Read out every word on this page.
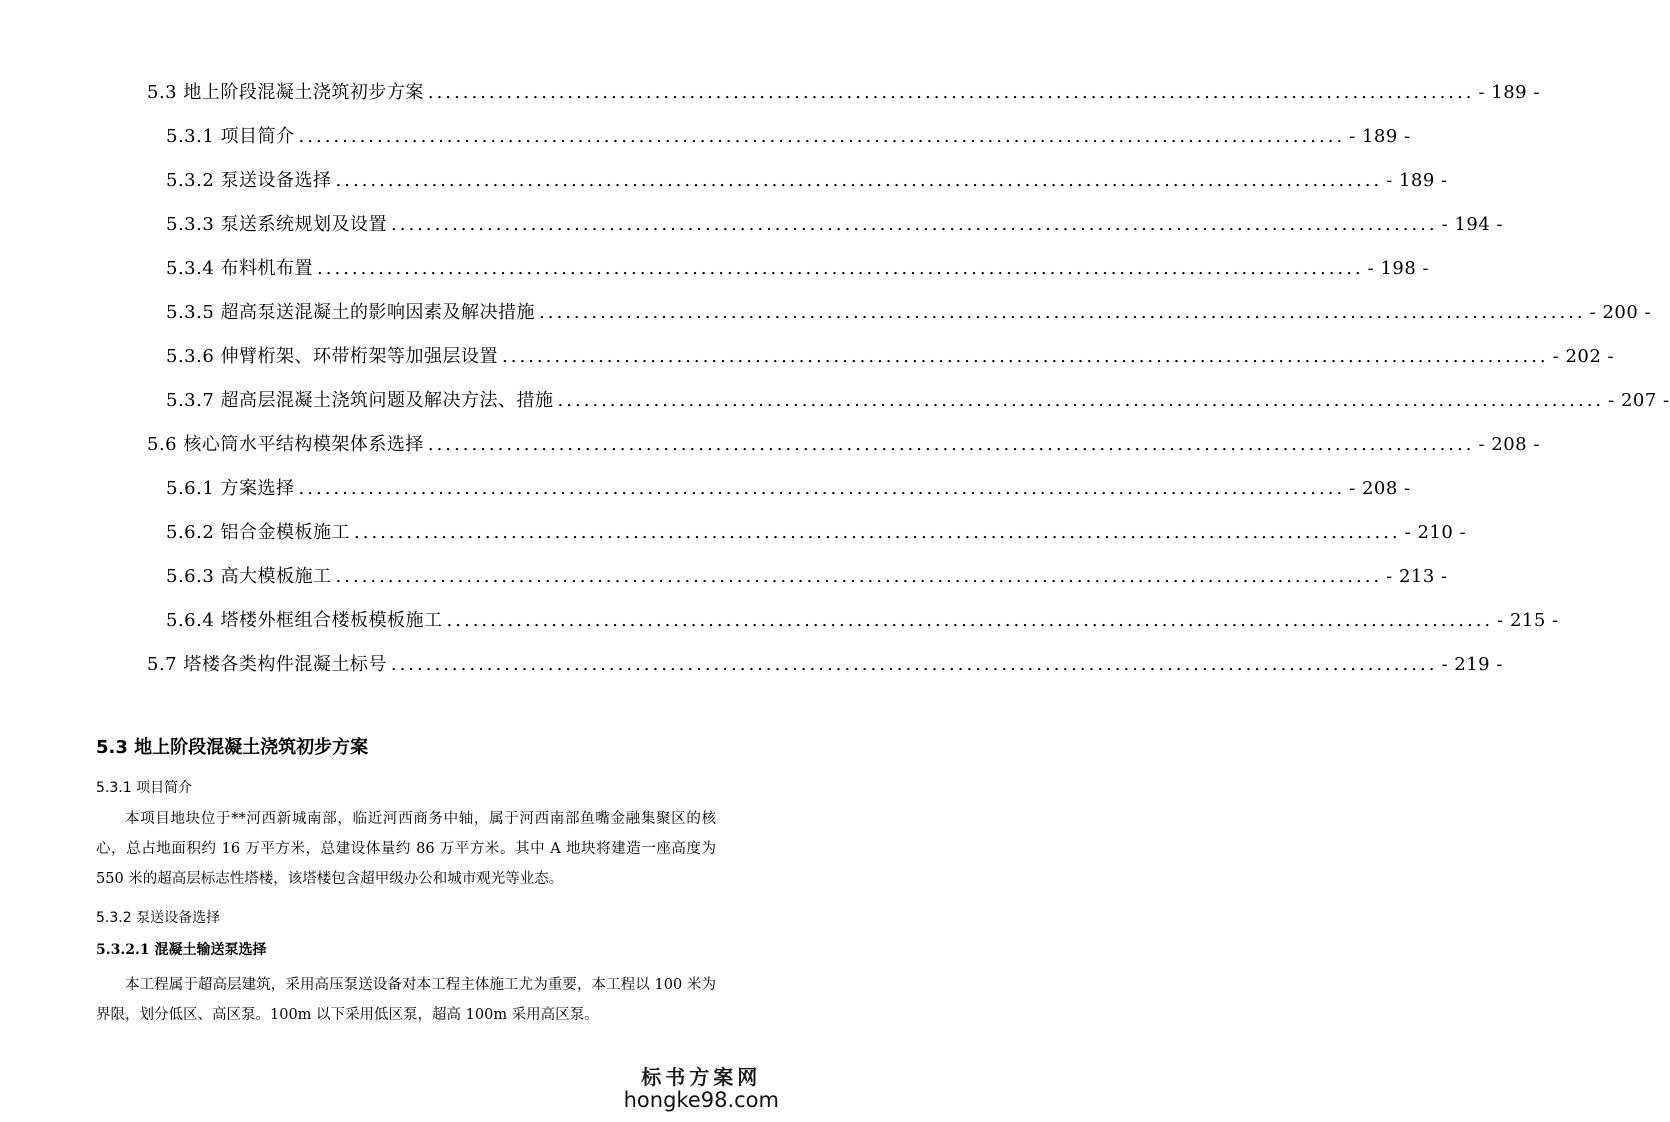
5.3 地上阶段混凝土浇筑初步方案 ........................................................................................................................ - 189 -
5.3.1 项目简介 ........................................................................................................................ - 189 -
5.3.2 泵送设备选择 ........................................................................................................................ - 189 -
5.3.3 泵送系统规划及设置 ........................................................................................................................ - 194 -
5.3.4 布料机布置 ........................................................................................................................ - 198 -
5.3.5 超高泵送混凝土的影响因素及解决措施 ........................................................................................................................ - 200 -
5.3.6 伸臂桁架、环带桁架等加强层设置 ........................................................................................................................ - 202 -
5.3.7 超高层混凝土浇筑问题及解决方法、措施 ........................................................................................................................ - 207 -
5.6 核心筒水平结构模架体系选择 ........................................................................................................................ - 208 -
5.6.1 方案选择 ........................................................................................................................ - 208 -
5.6.2 铝合金模板施工 ........................................................................................................................ - 210 -
5.6.3 高大模板施工 ........................................................................................................................ - 213 -
5.6.4 塔楼外框组合楼板模板施工 ........................................................................................................................ - 215 -
5.7 塔楼各类构件混凝土标号 ........................................................................................................................ - 219 -
5.3 地上阶段混凝土浇筑初步方案
5.3.1 项目简介
本项目地块位于**河西新城南部，临近河西商务中轴，属于河西南部鱼嘴金融集聚区的核心，总占地面积约 16 万平方米，总建设体量约 86 万平方米。其中 A 地块将建造一座高度为 550 米的超高层标志性塔楼，该塔楼包含超甲级办公和城市观光等业态。
5.3.2 泵送设备选择
5.3.2.1 混凝土输送泵选择
本工程属于超高层建筑，采用高压泵送设备对本工程主体施工尤为重要，本工程以 100 米为界限，划分低区、高区泵。100m 以下采用低区泵，超高 100m 采用高区泵。
标书方案网
hongke98.com
